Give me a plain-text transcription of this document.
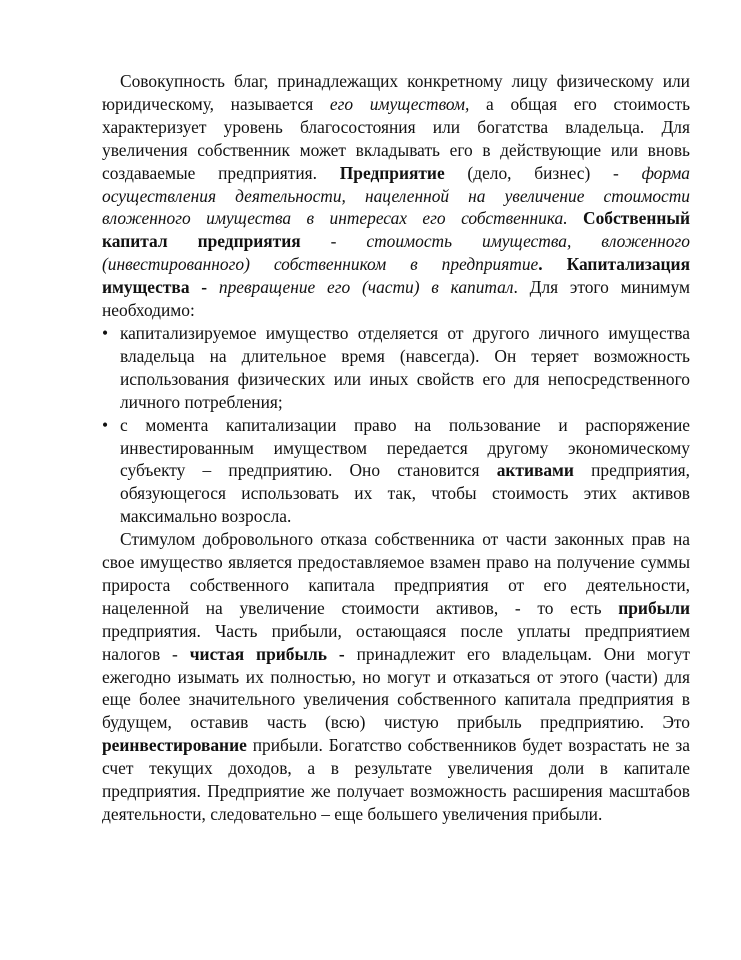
Совокупность благ, принадлежащих конкретному лицу физическому или юридическому, называется его имуществом, а общая его стоимость характеризует уровень благосостояния или богатства владельца. Для увеличения собственник может вкладывать его в действующие или вновь создаваемые предприятия. Предприятие (дело, бизнес) - форма осуществления деятельности, нацеленной на увеличение стоимости вложенного имущества в интересах его собственника. Собственный капитал предприятия - стоимость имущества, вложенного (инвестированного) собственником в предприятие. Капитализация имущества - превращение его (части) в капитал. Для этого минимум необходимо:

• капитализируемое имущество отделяется от другого личного имущества владельца на длительное время (навсегда). Он теряет возможность использования физических или иных свойств его для непосредственного личного потребления;
• с момента капитализации право на пользование и распоряжение инвестированным имуществом передается другому экономическому субъекту – предприятию. Оно становится активами предприятия, обязующегося использовать их так, чтобы стоимость этих активов максимально возросла.

Стимулом добровольного отказа собственника от части законных прав на свое имущество является предоставляемое взамен право на получение суммы прироста собственного капитала предприятия от его деятельности, нацеленной на увеличение стоимости активов, - то есть прибыли предприятия. Часть прибыли, остающаяся после уплаты предприятием налогов - чистая прибыль - принадлежит его владельцам. Они могут ежегодно изымать их полностью, но могут и отказаться от этого (части) для еще более значительного увеличения собственного капитала предприятия в будущем, оставив часть (всю) чистую прибыль предприятию. Это реинвестирование прибыли. Богатство собственников будет возрастать не за счет текущих доходов, а в результате увеличения доли в капитале предприятия. Предприятие же получает возможность расширения масштабов деятельности, следовательно – еще большего увеличения прибыли.
